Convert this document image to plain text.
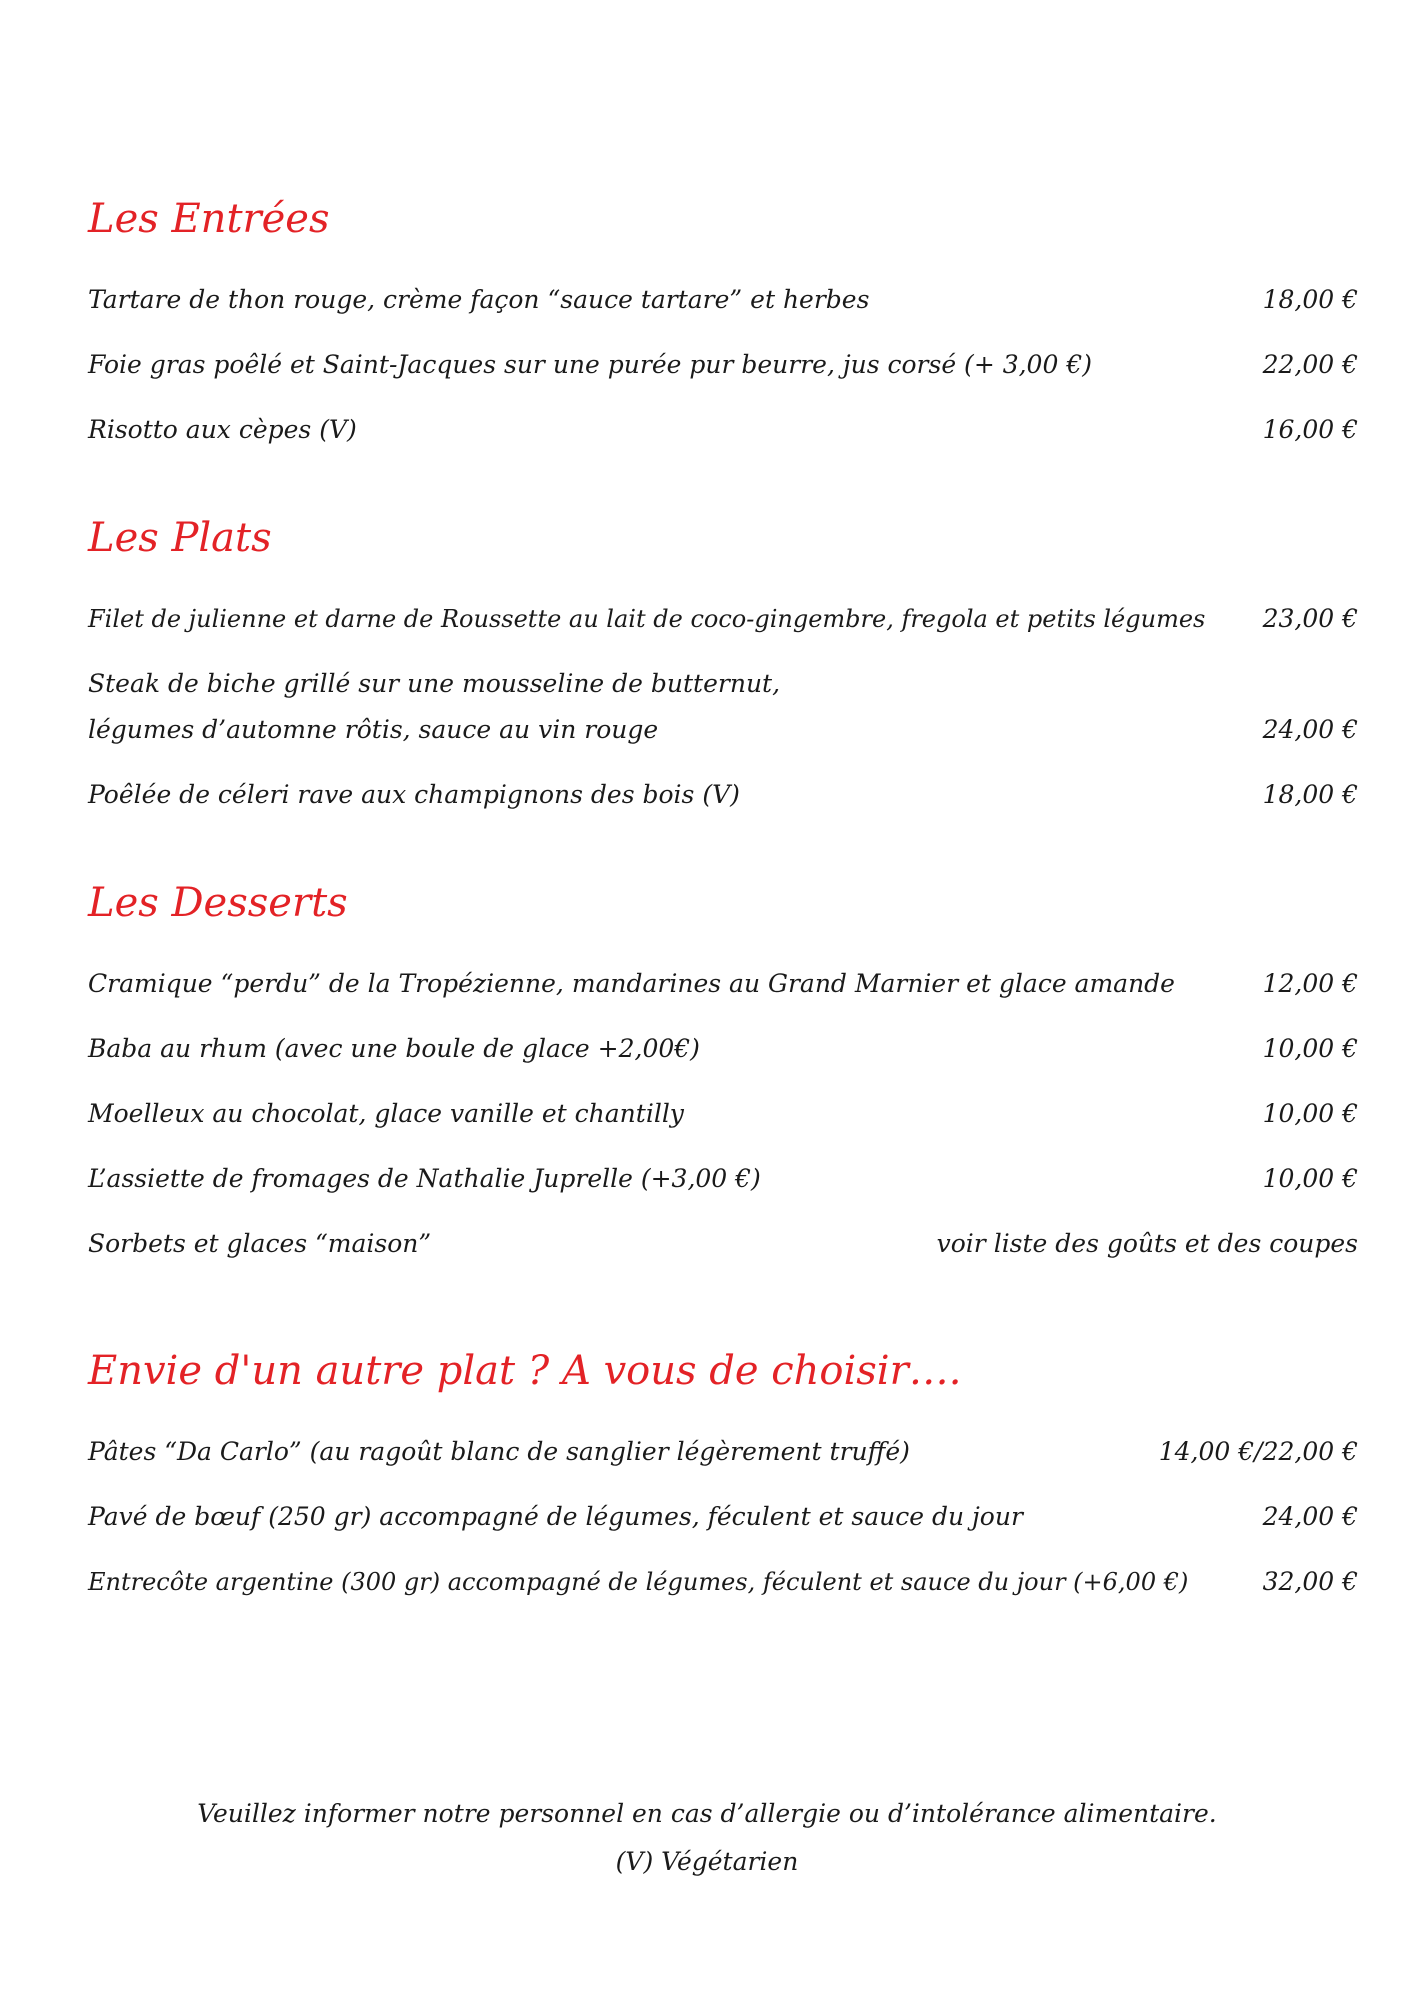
Les Entrées
Tartare de thon rouge, crème façon “sauce tartare” et herbes	18,00 €
Foie gras poêlé et Saint-Jacques sur une purée pur beurre, jus corsé (+ 3,00 €)	22,00 €
Risotto aux cèpes (V)	16,00 €
Les Plats
Filet de julienne et darne de Roussette au lait de coco-gingembre, fregola et petits légumes 23,00 €
Steak de biche grillé sur une mousseline de butternut,
légumes d’automne rôtis, sauce au vin rouge	24,00 €
Poêlée de céleri rave aux champignons des bois (V)	18,00 €
Les Desserts
Cramique “perdu” de la Tropézienne, mandarines au Grand Marnier et glace amande	12,00 €
Baba au rhum (avec une boule de glace +2,00€)	10,00 €
Moelleux au chocolat, glace vanille et chantilly	10,00 €
L’assiette de fromages de Nathalie Juprelle (+3,00 €)	10,00 €
Sorbets et glaces “maison”	voir liste des goûts et des coupes
Envie d'un autre plat ? A vous de choisir….
Pâtes “Da Carlo” (au ragoût blanc de sanglier légèrement truffé)	14,00 €/22,00 €
Pavé de bœuf (250 gr) accompagné de légumes, féculent et sauce du jour	24,00 €
Entrecôte argentine (300 gr) accompagné de légumes, féculent et sauce du jour (+6,00 €)	32,00 €
Veuillez informer notre personnel en cas d’allergie ou d’intolérance alimentaire.
(V) Végétarien
